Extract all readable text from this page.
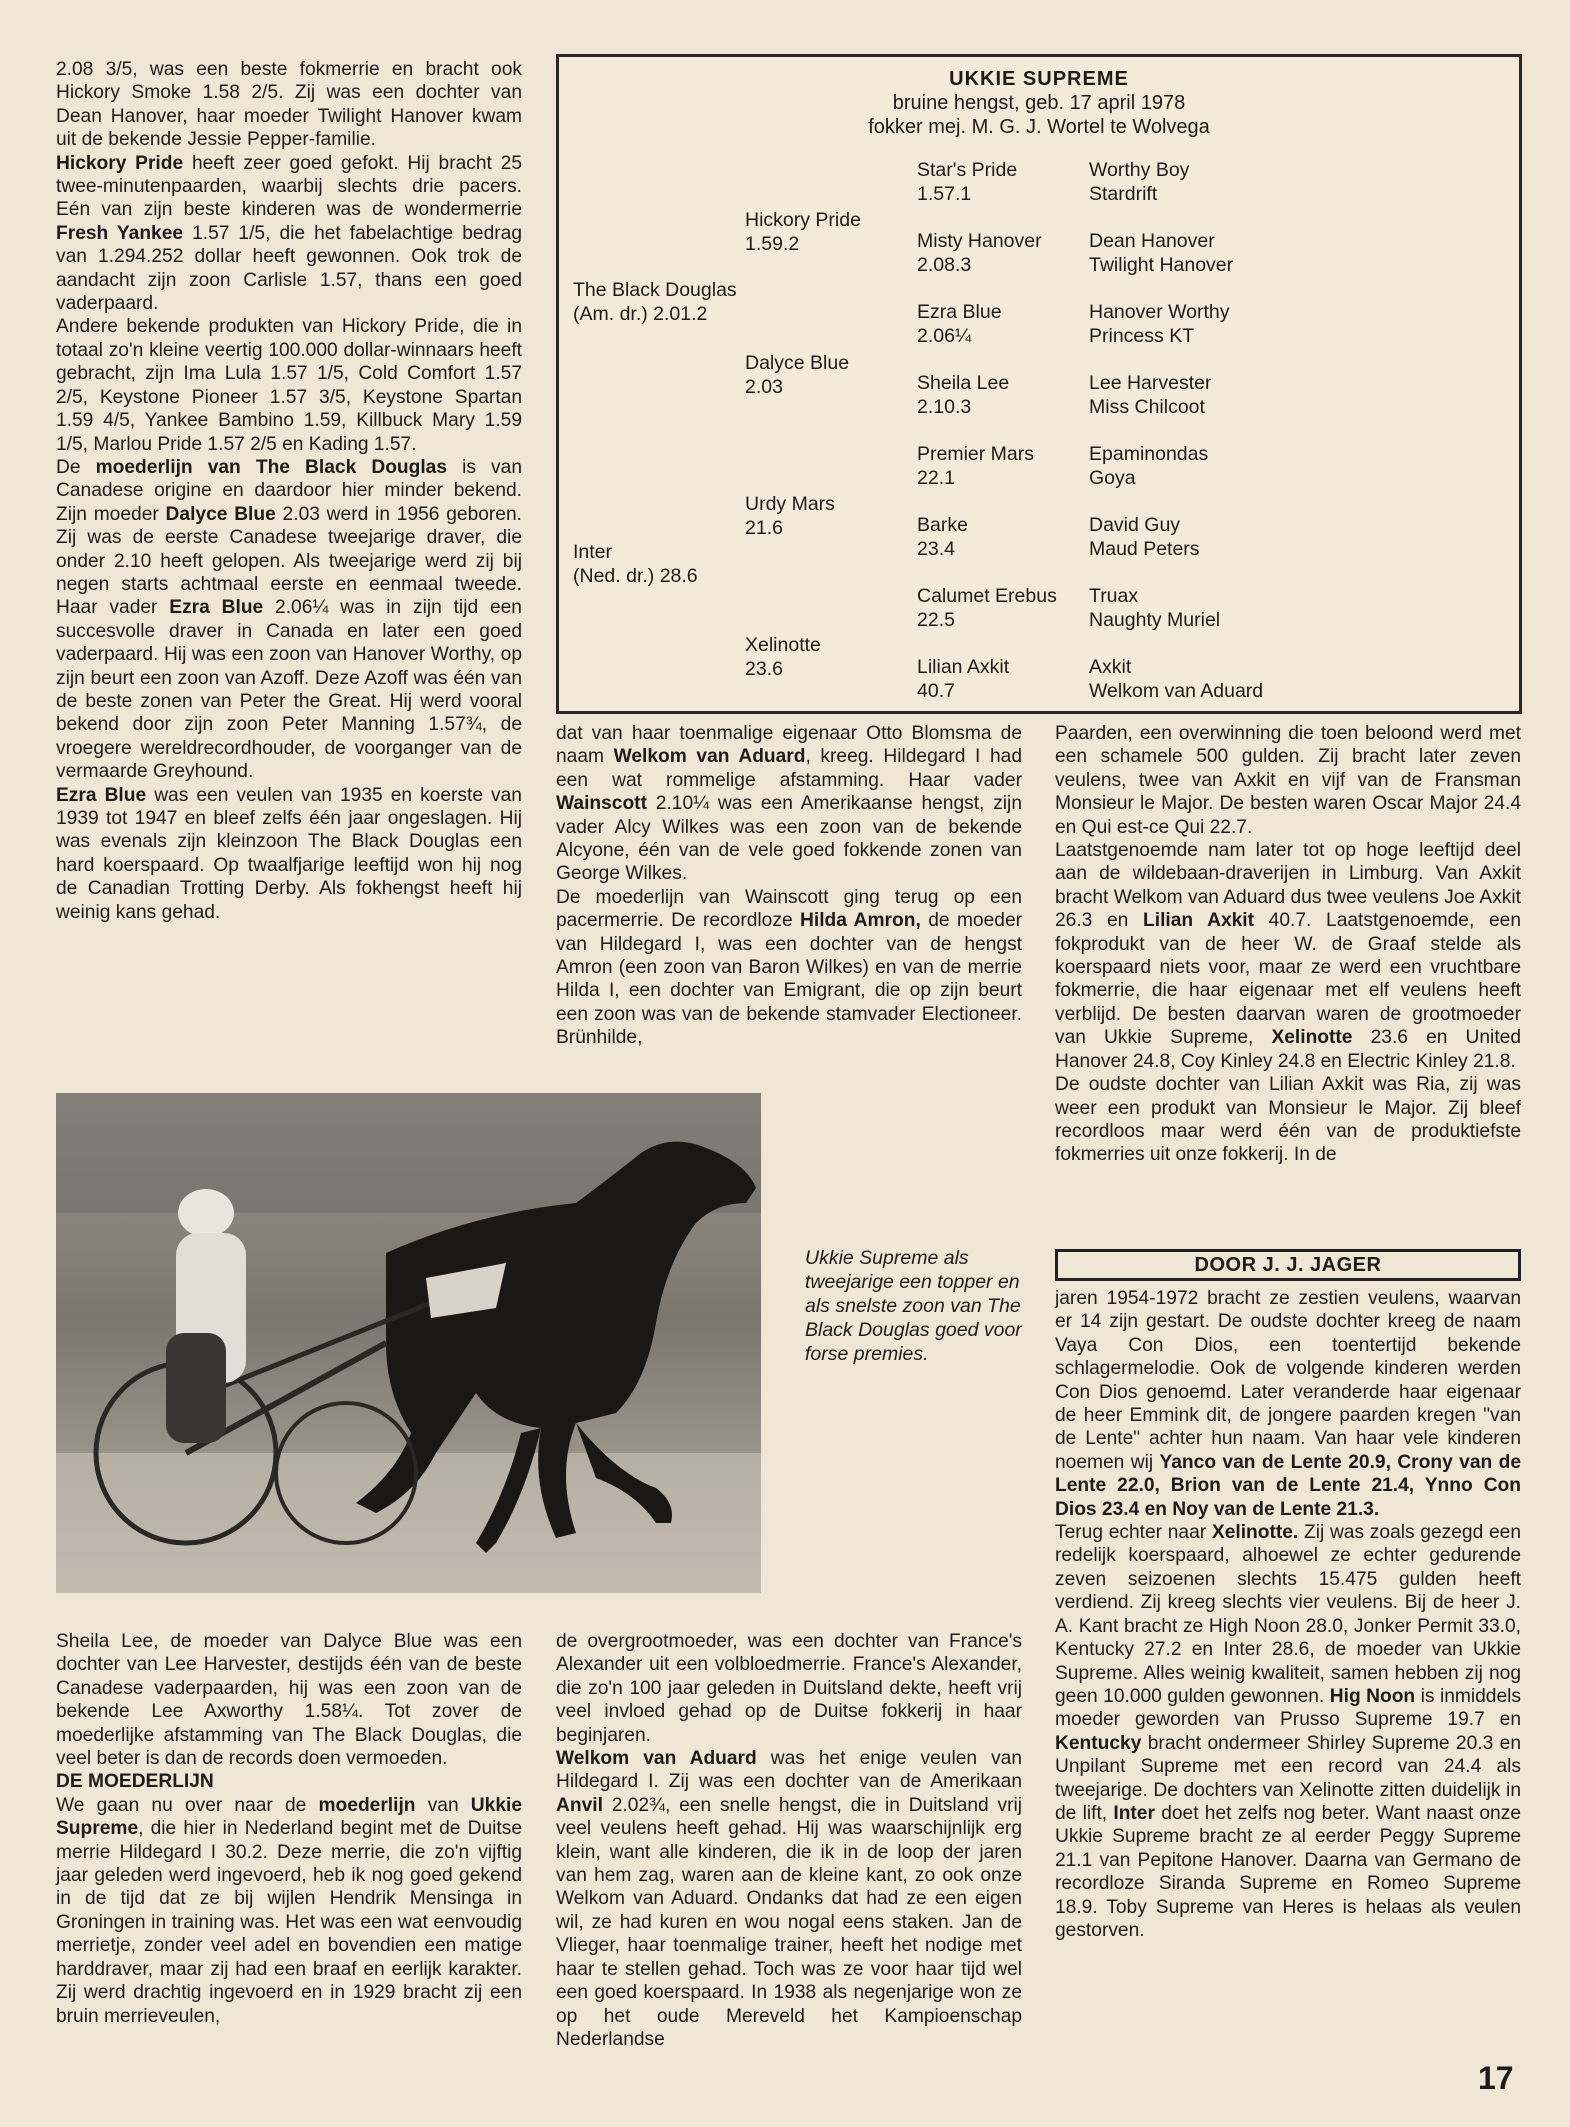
2.08 3/5, was een beste fokmerrie en bracht ook Hickory Smoke 1.58 2/5. Zij was een dochter van Dean Hanover, haar moeder Twilight Hanover kwam uit de bekende Jessie Pepper-familie.

Hickory Pride heeft zeer goed gefokt. Hij bracht 25 twee-minutenpaarden, waarbij slechts drie pacers. Eén van zijn beste kinderen was de wondermerrie Fresh Yankee 1.57 1/5, die het fabelachtige bedrag van 1.294.252 dollar heeft gewonnen. Ook trok de aandacht zijn zoon Carlisle 1.57, thans een goed vaderpaard.

Andere bekende produkten van Hickory Pride, die in totaal zo'n kleine veertig 100.000 dollar-winnaars heeft gebracht, zijn Ima Lula 1.57 1/5, Cold Comfort 1.57 2/5, Keystone Pioneer 1.57 3/5, Keystone Spartan 1.59 4/5, Yankee Bambino 1.59, Killbuck Mary 1.59 1/5, Marlou Pride 1.57 2/5 en Kading 1.57.

De moederlijn van The Black Douglas is van Canadese origine en daardoor hier minder bekend. Zijn moeder Dalyce Blue 2.03 werd in 1956 geboren. Zij was de eerste Canadese tweejarige draver, die onder 2.10 heeft gelopen. Als tweejarige werd zij bij negen starts achtmaal eerste en eenmaal tweede. Haar vader Ezra Blue 2.06¼ was in zijn tijd een succesvolle draver in Canada en later een goed vaderpaard. Hij was een zoon van Hanover Worthy, op zijn beurt een zoon van Azoff. Deze Azoff was één van de beste zonen van Peter the Great. Hij werd vooral bekend door zijn zoon Peter Manning 1.57¾, de vroegere wereldrecordhouder, de voorganger van de vermaarde Greyhound.

Ezra Blue was een veulen van 1935 en koerste van 1939 tot 1947 en bleef zelfs één jaar ongeslagen. Hij was evenals zijn kleinzoon The Black Douglas een hard koerspaard. Op twaalfjarige leeftijd won hij nog de Canadian Trotting Derby. Als fokhengst heeft hij weinig kans gehad.

UKKIE SUPREME
bruine hengst, geb. 17 april 1978
fokker mej. M. G. J. Wortel te Wolvega
Star's Pride
1.57.1
Worthy Boy
Stardrift
Misty Hanover
2.08.3
Dean Hanover
Twilight Hanover
Ezra Blue
2.06¼
Hanover Worthy
Princess KT
Sheila Lee
2.10.3
Lee Harvester
Miss Chilcoot
Premier Mars
22.1
Epaminondas
Goya
Barke
23.4
David Guy
Maud Peters
Calumet Erebus
22.5
Truax
Naughty Muriel
Lilian Axkit
40.7
Axkit
Welkom van Aduard
Hickory Pride
1.59.2
Dalyce Blue
2.03
Urdy Mars
21.6
Xelinotte
23.6
The Black Douglas
(Am. dr.) 2.01.2
Inter
(Ned. dr.) 28.6

dat van haar toenmalige eigenaar Otto Blomsma de naam Welkom van Aduard, kreeg. Hildegard I had een wat rommelige afstamming. Haar vader Wainscott 2.10¼ was een Amerikaanse hengst, zijn vader Alcy Wilkes was een zoon van de bekende Alcyone, één van de vele goed fokkende zonen van George Wilkes.

De moederlijn van Wainscott ging terug op een pacermerrie. De recordloze Hilda Amron, de moeder van Hildegard I, was een dochter van de hengst Amron (een zoon van Baron Wilkes) en van de merrie Hilda I, een dochter van Emigrant, die op zijn beurt een zoon was van de bekende stamvader Electioneer. Brünhilde,

Paarden, een overwinning die toen beloond werd met een schamele 500 gulden. Zij bracht later zeven veulens, twee van Axkit en vijf van de Fransman Monsieur le Major. De besten waren Oscar Major 24.4 en Qui est-ce Qui 22.7.

Laatstgenoemde nam later tot op hoge leeftijd deel aan de wildebaan-draverijen in Limburg. Van Axkit bracht Welkom van Aduard dus twee veulens Joe Axkit 26.3 en Lilian Axkit 40.7. Laatstgenoemde, een fokprodukt van de heer W. de Graaf stelde als koerspaard niets voor, maar ze werd een vruchtbare fokmerrie, die haar eigenaar met elf veulens heeft verblijd. De besten daarvan waren de grootmoeder van Ukkie Supreme, Xelinotte 23.6 en United Hanover 24.8, Coy Kinley 24.8 en Electric Kinley 21.8.

De oudste dochter van Lilian Axkit was Ria, zij was weer een produkt van Monsieur le Major. Zij bleef recordloos maar werd één van de produktiefste fokmerries uit onze fokkerij. In de

Ukkie Supreme als tweejarige een topper en als snelste zoon van The Black Douglas goed voor forse premies.
DOOR J. J. JAGER

Sheila Lee, de moeder van Dalyce Blue was een dochter van Lee Harvester, destijds één van de beste Canadese vaderpaarden, hij was een zoon van de bekende Lee Axworthy 1.58¼. Tot zover de moederlijke afstamming van The Black Douglas, die veel beter is dan de records doen vermoeden.

DE MOEDERLIJN

We gaan nu over naar de moederlijn van Ukkie Supreme, die hier in Nederland begint met de Duitse merrie Hildegard I 30.2. Deze merrie, die zo'n vijftig jaar geleden werd ingevoerd, heb ik nog goed gekend in de tijd dat ze bij wijlen Hendrik Mensinga in Groningen in training was. Het was een wat eenvoudig merrietje, zonder veel adel en bovendien een matige harddraver, maar zij had een braaf en eerlijk karakter. Zij werd drachtig ingevoerd en in 1929 bracht zij een bruin merrieveulen,

de overgrootmoeder, was een dochter van France's Alexander uit een volbloedmerrie. France's Alexander, die zo'n 100 jaar geleden in Duitsland dekte, heeft vrij veel invloed gehad op de Duitse fokkerij in haar beginjaren.

Welkom van Aduard was het enige veulen van Hildegard I. Zij was een dochter van de Amerikaan Anvil 2.02¾, een snelle hengst, die in Duitsland vrij veel veulens heeft gehad. Hij was waarschijnlijk erg klein, want alle kinderen, die ik in de loop der jaren van hem zag, waren aan de kleine kant, zo ook onze Welkom van Aduard. Ondanks dat had ze een eigen wil, ze had kuren en wou nogal eens staken. Jan de Vlieger, haar toenmalige trainer, heeft het nodige met haar te stellen gehad. Toch was ze voor haar tijd wel een goed koerspaard. In 1938 als negenjarige won ze op het oude Mereveld het Kampioenschap Nederlandse

jaren 1954-1972 bracht ze zestien veulens, waarvan er 14 zijn gestart. De oudste dochter kreeg de naam Vaya Con Dios, een toentertijd bekende schlagermelodie. Ook de volgende kinderen werden Con Dios genoemd. Later veranderde haar eigenaar de heer Emmink dit, de jongere paarden kregen "van de Lente" achter hun naam. Van haar vele kinderen noemen wij Yanco van de Lente 20.9, Crony van de Lente 22.0, Brion van de Lente 21.4, Ynno Con Dios 23.4 en Noy van de Lente 21.3.

Terug echter naar Xelinotte. Zij was zoals gezegd een redelijk koerspaard, alhoewel ze echter gedurende zeven seizoenen slechts 15.475 gulden heeft verdiend. Zij kreeg slechts vier veulens. Bij de heer J. A. Kant bracht ze High Noon 28.0, Jonker Permit 33.0, Kentucky 27.2 en Inter 28.6, de moeder van Ukkie Supreme. Alles weinig kwaliteit, samen hebben zij nog geen 10.000 gulden gewonnen. Hig Noon is inmiddels moeder geworden van Prusso Supreme 19.7 en Kentucky bracht ondermeer Shirley Supreme 20.3 en Unpilant Supreme met een record van 24.4 als tweejarige. De dochters van Xelinotte zitten duidelijk in de lift, Inter doet het zelfs nog beter. Want naast onze Ukkie Supreme bracht ze al eerder Peggy Supreme 21.1 van Pepitone Hanover. Daarna van Germano de recordloze Siranda Supreme en Romeo Supreme 18.9. Toby Supreme van Heres is helaas als veulen gestorven.

17
